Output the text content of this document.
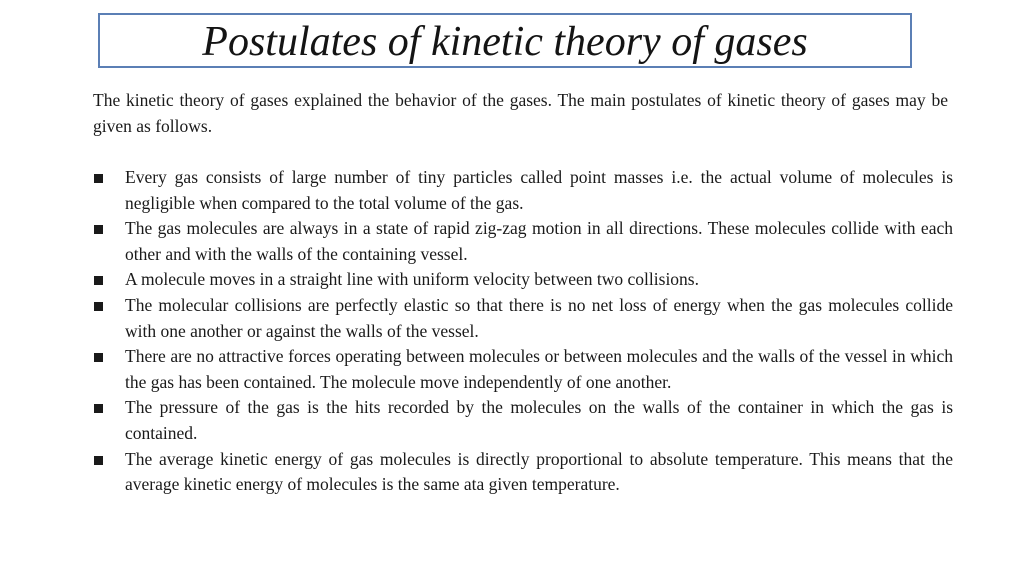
Postulates of kinetic theory of gases

The kinetic theory of gases explained the behavior of the gases. The main postulates of kinetic theory of gases may be given as follows.

Every gas consists of large number of tiny particles called point masses i.e. the actual volume of molecules is negligible when compared to the total volume of the gas.
The gas molecules are always in a state of rapid zig-zag motion in all directions. These molecules collide with each other and with the walls of the containing vessel.
A molecule moves in a straight line with uniform velocity between two collisions.
The molecular collisions are perfectly elastic so that there is no net loss of energy when the gas molecules collide with one another or against the walls of the vessel.
There are no attractive forces operating between molecules or between molecules and the walls of the vessel in which the gas has been contained. The molecule move independently of one another.
The pressure of the gas is the hits recorded by the molecules on the walls of the container in which the gas is contained.
The average kinetic energy of gas molecules is directly proportional to absolute temperature. This means that the average kinetic energy of molecules is the same ata given temperature.
